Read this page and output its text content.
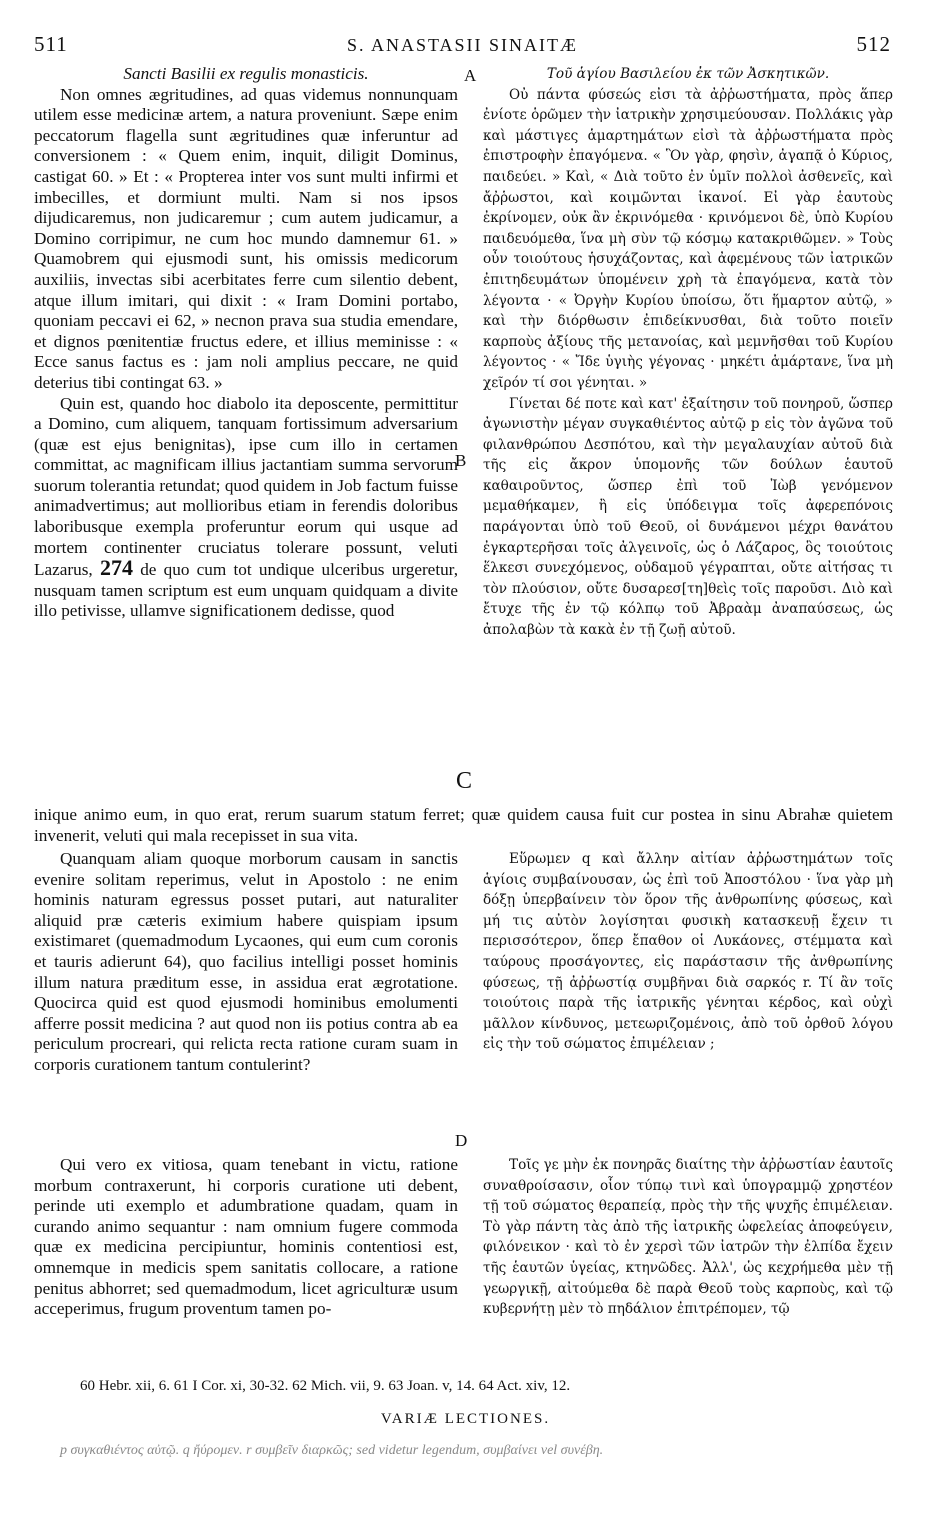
511	S. ANASTASII SINAITÆ	512

Sancti Basilii ex regulis monasticis.

Non omnes ægritudines, ad quas videmus nonnunquam utilem esse medicinæ artem, a natura proveniunt. Sæpe enim peccatorum flagella sunt ægritudines quæ inferuntur ad conversionem : « Quem enim, inquit, diligit Dominus, castigat 60. » Et : « Propterea inter vos sunt multi infirmi et imbecilles, et dormiunt multi. Nam si nos ipsos dijudicaremus, non judicaremur ; cum autem judicamur, a Domino corripimur, ne cum hoc mundo damnemur 61. » Quamobrem qui ejusmodi sunt, his omissis medicorum auxiliis, invectas sibi acerbitates ferre cum silentio debent, atque illum imitari, qui dixit : « Iram Domini portabo, quoniam peccavi ei 62, » necnon prava sua studia emendare, et dignos pœnitentiæ fructus edere, et illius meminisse : « Ecce sanus factus es : jam noli amplius peccare, ne quid deterius tibi contingat 63. »

Quin est, quando hoc diabolo ita deposcente, permittitur a Domino, cum aliquem, tanquam fortissimum adversarium (quæ est ejus benignitas), ipse cum illo in certamen committat, ac magnificam illius jactantiam summa servorum suorum tolerantia retundat; quod quidem in Job factum fuisse animadvertimus; aut mollioribus etiam in ferendis doloribus laboribusque exempla proferuntur eorum qui usque ad mortem continenter cruciatus tolerare possunt, veluti Lazarus, 274 de quo cum tot undique ulceribus urgeretur, nusquam tamen scriptum est eum unquam quidquam a divite illo petivisse, ullamve significationem dedisse, quod

A
B
C

Τοῦ ἁγίου Βασιλείου ἐκ τῶν Ἀσκητικῶν.

Οὐ πάντα φύσεώς εἰσι τὰ ἀῤῥωστήματα, πρὸς ἅπερ ἐνίοτε ὁρῶμεν τὴν ἰατρικὴν χρησιμεύουσαν. Πολλάκις γὰρ καὶ μάστιγες ἁμαρτημάτων εἰσὶ τὰ ἀῤῥωστήματα πρὸς ἐπιστροφὴν ἐπαγόμενα. « Ὃν γὰρ, φησὶν, ἀγαπᾷ ὁ Κύριος, παιδεύει. » Καὶ, « Διὰ τοῦτο ἐν ὑμῖν πολλοὶ ἀσθενεῖς, καὶ ἄῤῥωστοι, καὶ κοιμῶνται ἱκανοί. Εἰ γὰρ ἑαυτοὺς ἐκρίνομεν, οὐκ ἂν ἐκρινόμεθα · κρινόμενοι δὲ, ὑπὸ Κυρίου παιδευόμεθα, ἵνα μὴ σὺν τῷ κόσμῳ κατακριθῶμεν. » Τοὺς οὖν τοιούτους ἡσυχάζοντας, καὶ ἀφεμένους τῶν ἰατρικῶν ἐπιτηδευμάτων ὑπομένειν χρὴ τὰ ἐπαγόμενα, κατὰ τὸν λέγοντα · « Ὀργὴν Κυρίου ὑποίσω, ὅτι ἥμαρτον αὐτῷ, » καὶ τὴν διόρθωσιν ἐπιδείκνυσθαι, διὰ τοῦτο ποιεῖν καρποὺς ἀξίους τῆς μετανοίας, καὶ μεμνῆσθαι τοῦ Κυρίου λέγοντος · « Ἴδε ὑγιὴς γέγονας · μηκέτι ἁμάρτανε, ἵνα μὴ χεῖρόν τί σοι γένηται. »

Γίνεται δέ ποτε καὶ κατ' ἐξαίτησιν τοῦ πονηροῦ, ὥσπερ ἀγωνιστὴν μέγαν συγκαθιέντος αὐτῷ p εἰς τὸν ἀγῶνα τοῦ φιλανθρώπου Δεσπότου, καὶ τὴν μεγαλαυχίαν αὐτοῦ διὰ τῆς εἰς ἄκρον ὑπομονῆς τῶν δούλων ἑαυτοῦ καθαιροῦντος, ὥσπερ ἐπὶ τοῦ Ἰὼβ γενόμενον μεμαθήκαμεν, ἢ εἰς ὑπόδειγμα τοῖς ἀφερεπόνοις παράγονται ὑπὸ τοῦ Θεοῦ, οἱ δυνάμενοι μέχρι θανάτου ἐγκαρτερῆσαι τοῖς ἀλγεινοῖς, ὡς ὁ Λάζαρος, ὃς τοιούτοις ἕλκεσι συνεχόμενος, οὐδαμοῦ γέγραπται, οὔτε αἰτήσας τι τὸν πλούσιον, οὔτε δυσαρεσ[τη]θεὶς τοῖς παροῦσι. Διὸ καὶ ἔτυχε τῆς ἐν τῷ κόλπῳ τοῦ Ἀβραὰμ ἀναπαύσεως, ὡς ἀπολαβὼν τὰ κακὰ ἐν τῇ ζωῇ αὐτοῦ.

inique animo eum, in quo erat, rerum suarum statum ferret; quæ quidem causa fuit cur postea in sinu Abrahæ quietem invenerit, veluti qui mala recepisset in sua vita.

Quanquam aliam quoque morborum causam in sanctis evenire solitam reperimus, velut in Apostolo : ne enim hominis naturam egressus posset putari, aut naturaliter aliquid præ cæteris eximium habere quispiam ipsum existimaret (quemadmodum Lycaones, qui eum cum coronis et tauris adierunt 64), quo facilius intelligi posset hominis illum natura præditum esse, in assidua erat ægrotatione. Quocirca quid est quod ejusmodi hominibus emolumenti afferre possit medicina ? aut quod non iis potius contra ab ea periculum procreari, qui relicta recta ratione curam suam in corporis curationem tantum contulerint?

Εὕρωμεν q καὶ ἄλλην αἰτίαν ἀῤῥωστημάτων τοῖς ἁγίοις συμβαίνουσαν, ὡς ἐπὶ τοῦ Ἀποστόλου · ἵνα γὰρ μὴ δόξῃ ὑπερβαίνειν τὸν ὅρον τῆς ἀνθρωπίνης φύσεως, καὶ μή τις αὐτὸν λογίσηται φυσικὴ κατασκευῇ ἔχειν τι περισσότερον, ὅπερ ἔπαθον οἱ Λυκάονες, στέμματα καὶ ταύρους προσάγοντες, εἰς παράστασιν τῆς ἀνθρωπίνης φύσεως, τῇ ἀῤῥωστίᾳ συμβῆναι διὰ σαρκός r. Τί ἂν τοῖς τοιούτοις παρὰ τῆς ἰατρικῆς γένηται κέρδος, καὶ οὐχὶ μᾶλλον κίνδυνος, μετεωριζομένοις, ἀπὸ τοῦ ὀρθοῦ λόγου εἰς τὴν τοῦ σώματος ἐπιμέλειαν ;

D

Qui vero ex vitiosa, quam tenebant in victu, ratione morbum contraxerunt, hi corporis curatione uti debent, perinde uti exemplo et adumbratione quadam, quam in curando animo sequantur : nam omnium fugere commoda quæ ex medicina percipiuntur, hominis contentiosi est, omnemque in medicis spem sanitatis collocare, a ratione penitus abhorret; sed quemadmodum, licet agriculturæ usum acceperimus, frugum proventum tamen po-

Τοῖς γε μὴν ἐκ πονηρᾶς διαίτης τὴν ἀῤῥωστίαν ἑαυτοῖς συναθροίσασιν, οἷον τύπῳ τινὶ καὶ ὑπογραμμῷ χρηστέον τῇ τοῦ σώματος θεραπείᾳ, πρὸς τὴν τῆς ψυχῆς ἐπιμέλειαν. Τὸ γὰρ πάντη τὰς ἀπὸ τῆς ἰατρικῆς ὠφελείας ἀποφεύγειν, φιλόνεικον · καὶ τὸ ἐν χερσὶ τῶν ἰατρῶν τὴν ἐλπίδα ἔχειν τῆς ἑαυτῶν ὑγείας, κτηνῶδες. Ἀλλ', ὡς κεχρήμεθα μὲν τῇ γεωργικῇ, αἰτούμεθα δὲ παρὰ Θεοῦ τοὺς καρποὺς, καὶ τῷ κυβερνήτῃ μὲν τὸ πηδάλιον ἐπιτρέπομεν, τῷ

60 Hebr. xii, 6. 61 I Cor. xi, 30-32. 62 Mich. vii, 9. 63 Joan. v, 14. 64 Act. xiv, 12.
VARIÆ LECTIONES.
p συγκαθιέντος αὐτῷ. q ἤύρομεν. r συμβεῖν διαρκῶς; sed videtur legendum, συμβαίνει vel συνέβη.
